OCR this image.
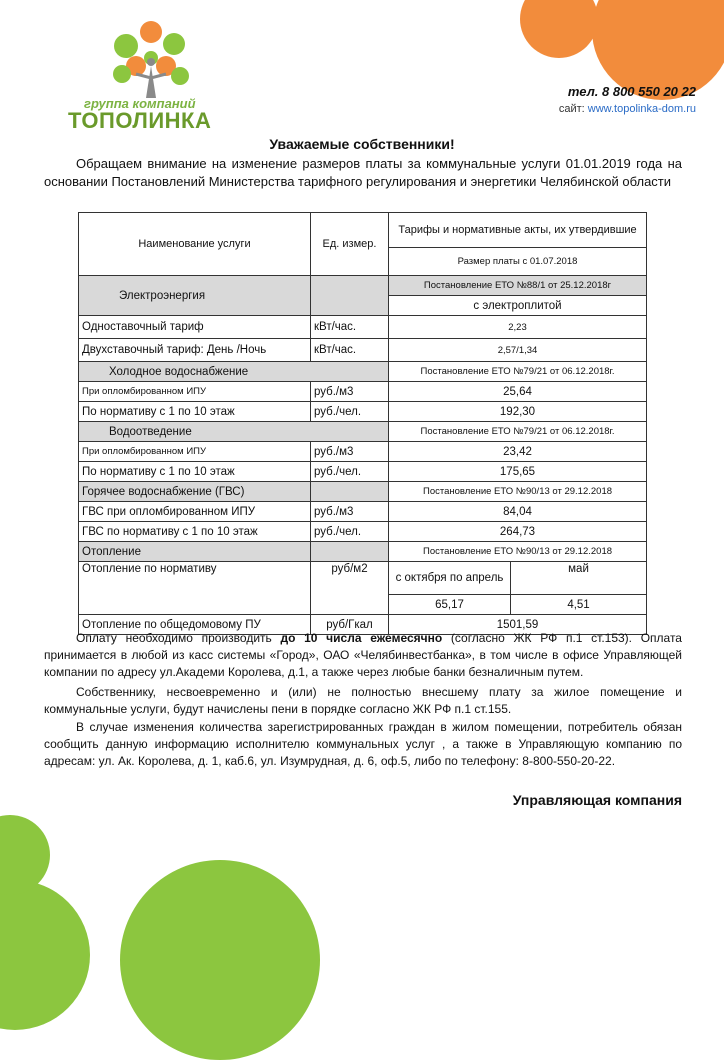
группа компаний
ТОПОЛИНКА
тел. 8 800 550 20 22
сайт: www.topolinka-dom.ru
Уважаемые собственники!
Обращаем внимание на изменение размеров платы за коммунальные услуги 01.01.2019 года на основании Постановлений Министерства тарифного регулирования и энергетики Челябинской области
Наименование услуги	Ед. измер.	Тарифы и нормативные акты, их утвердившие	
		Размер платы с 01.07.2018	
Электроэнергия		Постановление ЕТО №88/1 от 25.12.2018г	
		с электроплитой	
Одноставочный тариф	кВт/час.	2,23	
Двухставочный тариф: День /Ночь	кВт/час.	2,57/1,34	
Холодное водоснабжение		Постановление ЕТО №79/21 от 06.12.2018г.	
При опломбированном ИПУ	руб./м3	25,64	
По нормативу с 1 по 10 этаж	руб./чел.	192,30	
Водоотведение		Постановление ЕТО №79/21 от 06.12.2018г.	
При опломбированном ИПУ	руб./м3	23,42	
По нормативу с 1 по 10 этаж	руб./чел.	175,65	
Горячее водоснабжение (ГВС)		Постановление ЕТО №90/13 от 29.12.2018	
ГВС при опломбированном ИПУ	руб./м3	84,04	
ГВС по нормативу с 1 по 10 этаж	руб./чел.	264,73	
Отопление		Постановление ЕТО №90/13 от 29.12.2018	
Отопление по нормативу	руб/м2	с октября по апрель	май
		65,17	4,51
Отопление по общедомовому ПУ	руб/Гкал	1501,59	
Оплату необходимо производить до 10 числа ежемесячно (согласно ЖК РФ п.1 ст.153). Оплата принимается в любой из касс системы «Город», ОАО «Челябинвестбанка», в том числе в офисе Управляющей компании по адресу ул.Академи Королева, д.1, а также через любые банки безналичным путем.
Собственнику, несвоевременно и (или) не полностью внесшему плату за жилое помещение и коммунальные услуги, будут начислены пени в порядке согласно ЖК РФ п.1 ст.155.
В случае изменения количества зарегистрированных граждан в жилом помещении, потребитель обязан сообщить данную информацию исполнителю коммунальных услуг , а также в Управляющую компанию по адресам: ул. Ак. Королева, д. 1, каб.6, ул. Изумрудная, д. 6, оф.5, либо по телефону: 8-800-550-20-22.
Управляющая компания
